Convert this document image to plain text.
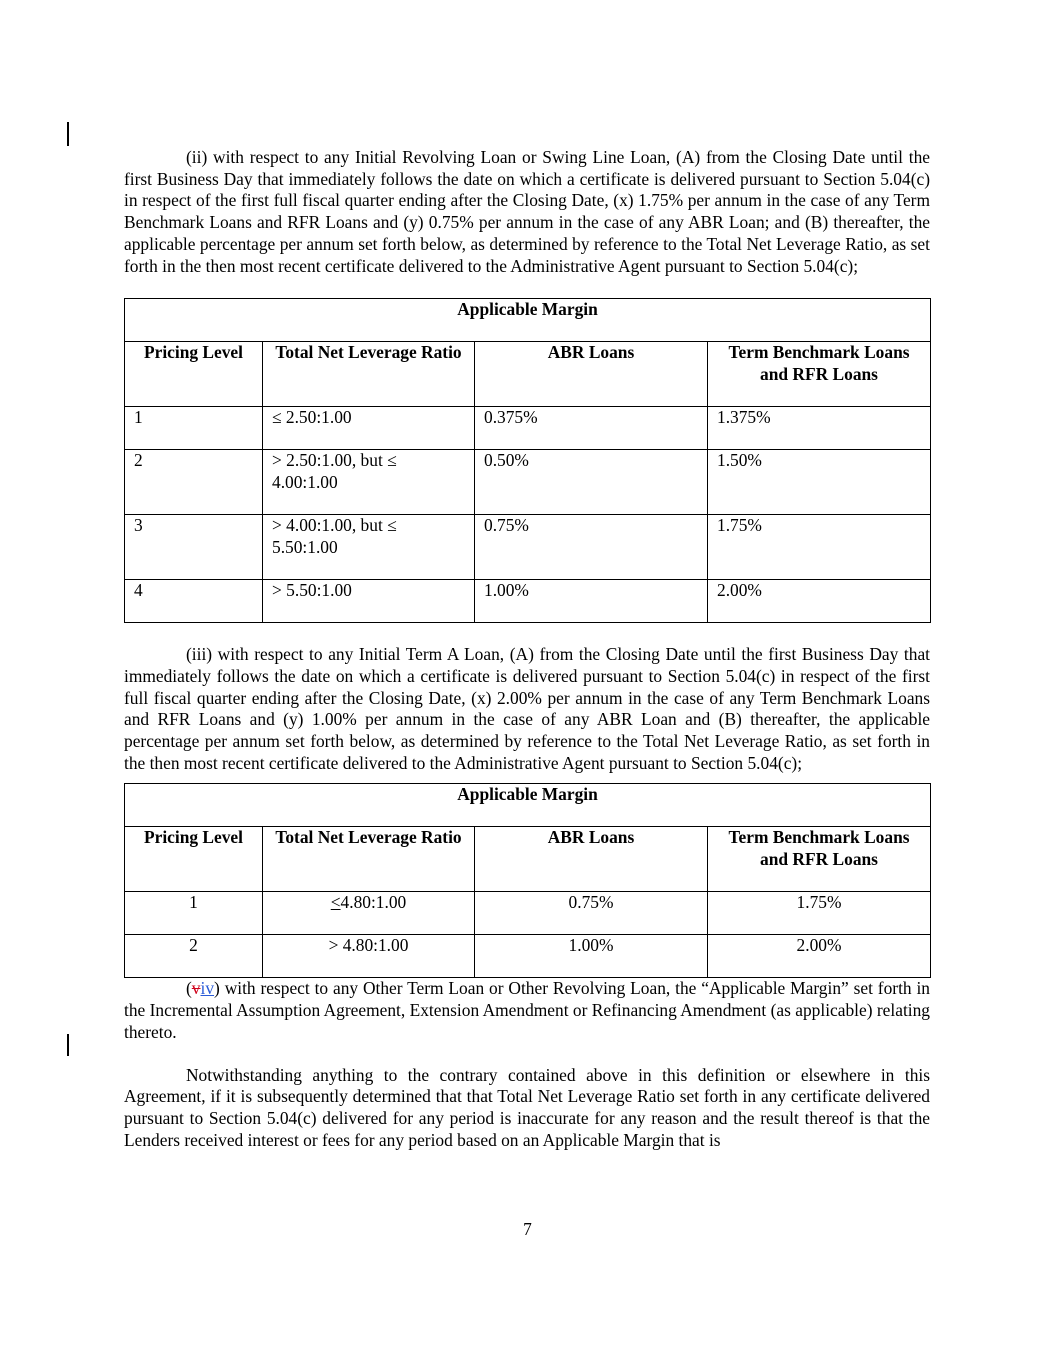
(ii) with respect to any Initial Revolving Loan or Swing Line Loan, (A) from the Closing Date until the first Business Day that immediately follows the date on which a certificate is delivered pursuant to Section 5.04(c) in respect of the first full fiscal quarter ending after the Closing Date, (x) 1.75% per annum in the case of any Term Benchmark Loans and RFR Loans and (y) 0.75% per annum in the case of any ABR Loan; and (B) thereafter, the applicable percentage per annum set forth below, as determined by reference to the Total Net Leverage Ratio, as set forth in the then most recent certificate delivered to the Administrative Agent pursuant to Section 5.04(c);

Applicable Margin			
Pricing Level	Total Net Leverage Ratio	ABR Loans	Term Benchmark Loans and RFR Loans
1	≤ 2.50:1.00	0.375%	1.375%
2	> 2.50:1.00, but ≤ 4.00:1.00	0.50%	1.50%
3	> 4.00:1.00, but ≤ 5.50:1.00	0.75%	1.75%
4	> 5.50:1.00	1.00%	2.00%

(iii) with respect to any Initial Term A Loan, (A) from the Closing Date until the first Business Day that immediately follows the date on which a certificate is delivered pursuant to Section 5.04(c) in respect of the first full fiscal quarter ending after the Closing Date, (x) 2.00% per annum in the case of any Term Benchmark Loans and RFR Loans and (y) 1.00% per annum in the case of any ABR Loan and (B) thereafter, the applicable percentage per annum set forth below, as determined by reference to the Total Net Leverage Ratio, as set forth in the then most recent certificate delivered to the Administrative Agent pursuant to Section 5.04(c);

Applicable Margin			
Pricing Level	Total Net Leverage Ratio	ABR Loans	Term Benchmark Loans and RFR Loans
1	≤4.80:1.00	0.75%	1.75%
2	> 4.80:1.00	1.00%	2.00%

(viv) with respect to any Other Term Loan or Other Revolving Loan, the “Applicable Margin” set forth in the Incremental Assumption Agreement, Extension Amendment or Refinancing Amendment (as applicable) relating thereto.

Notwithstanding anything to the contrary contained above in this definition or elsewhere in this Agreement, if it is subsequently determined that that Total Net Leverage Ratio set forth in any certificate delivered pursuant to Section 5.04(c) delivered for any period is inaccurate for any reason and the result thereof is that the Lenders received interest or fees for any period based on an Applicable Margin that is

7
